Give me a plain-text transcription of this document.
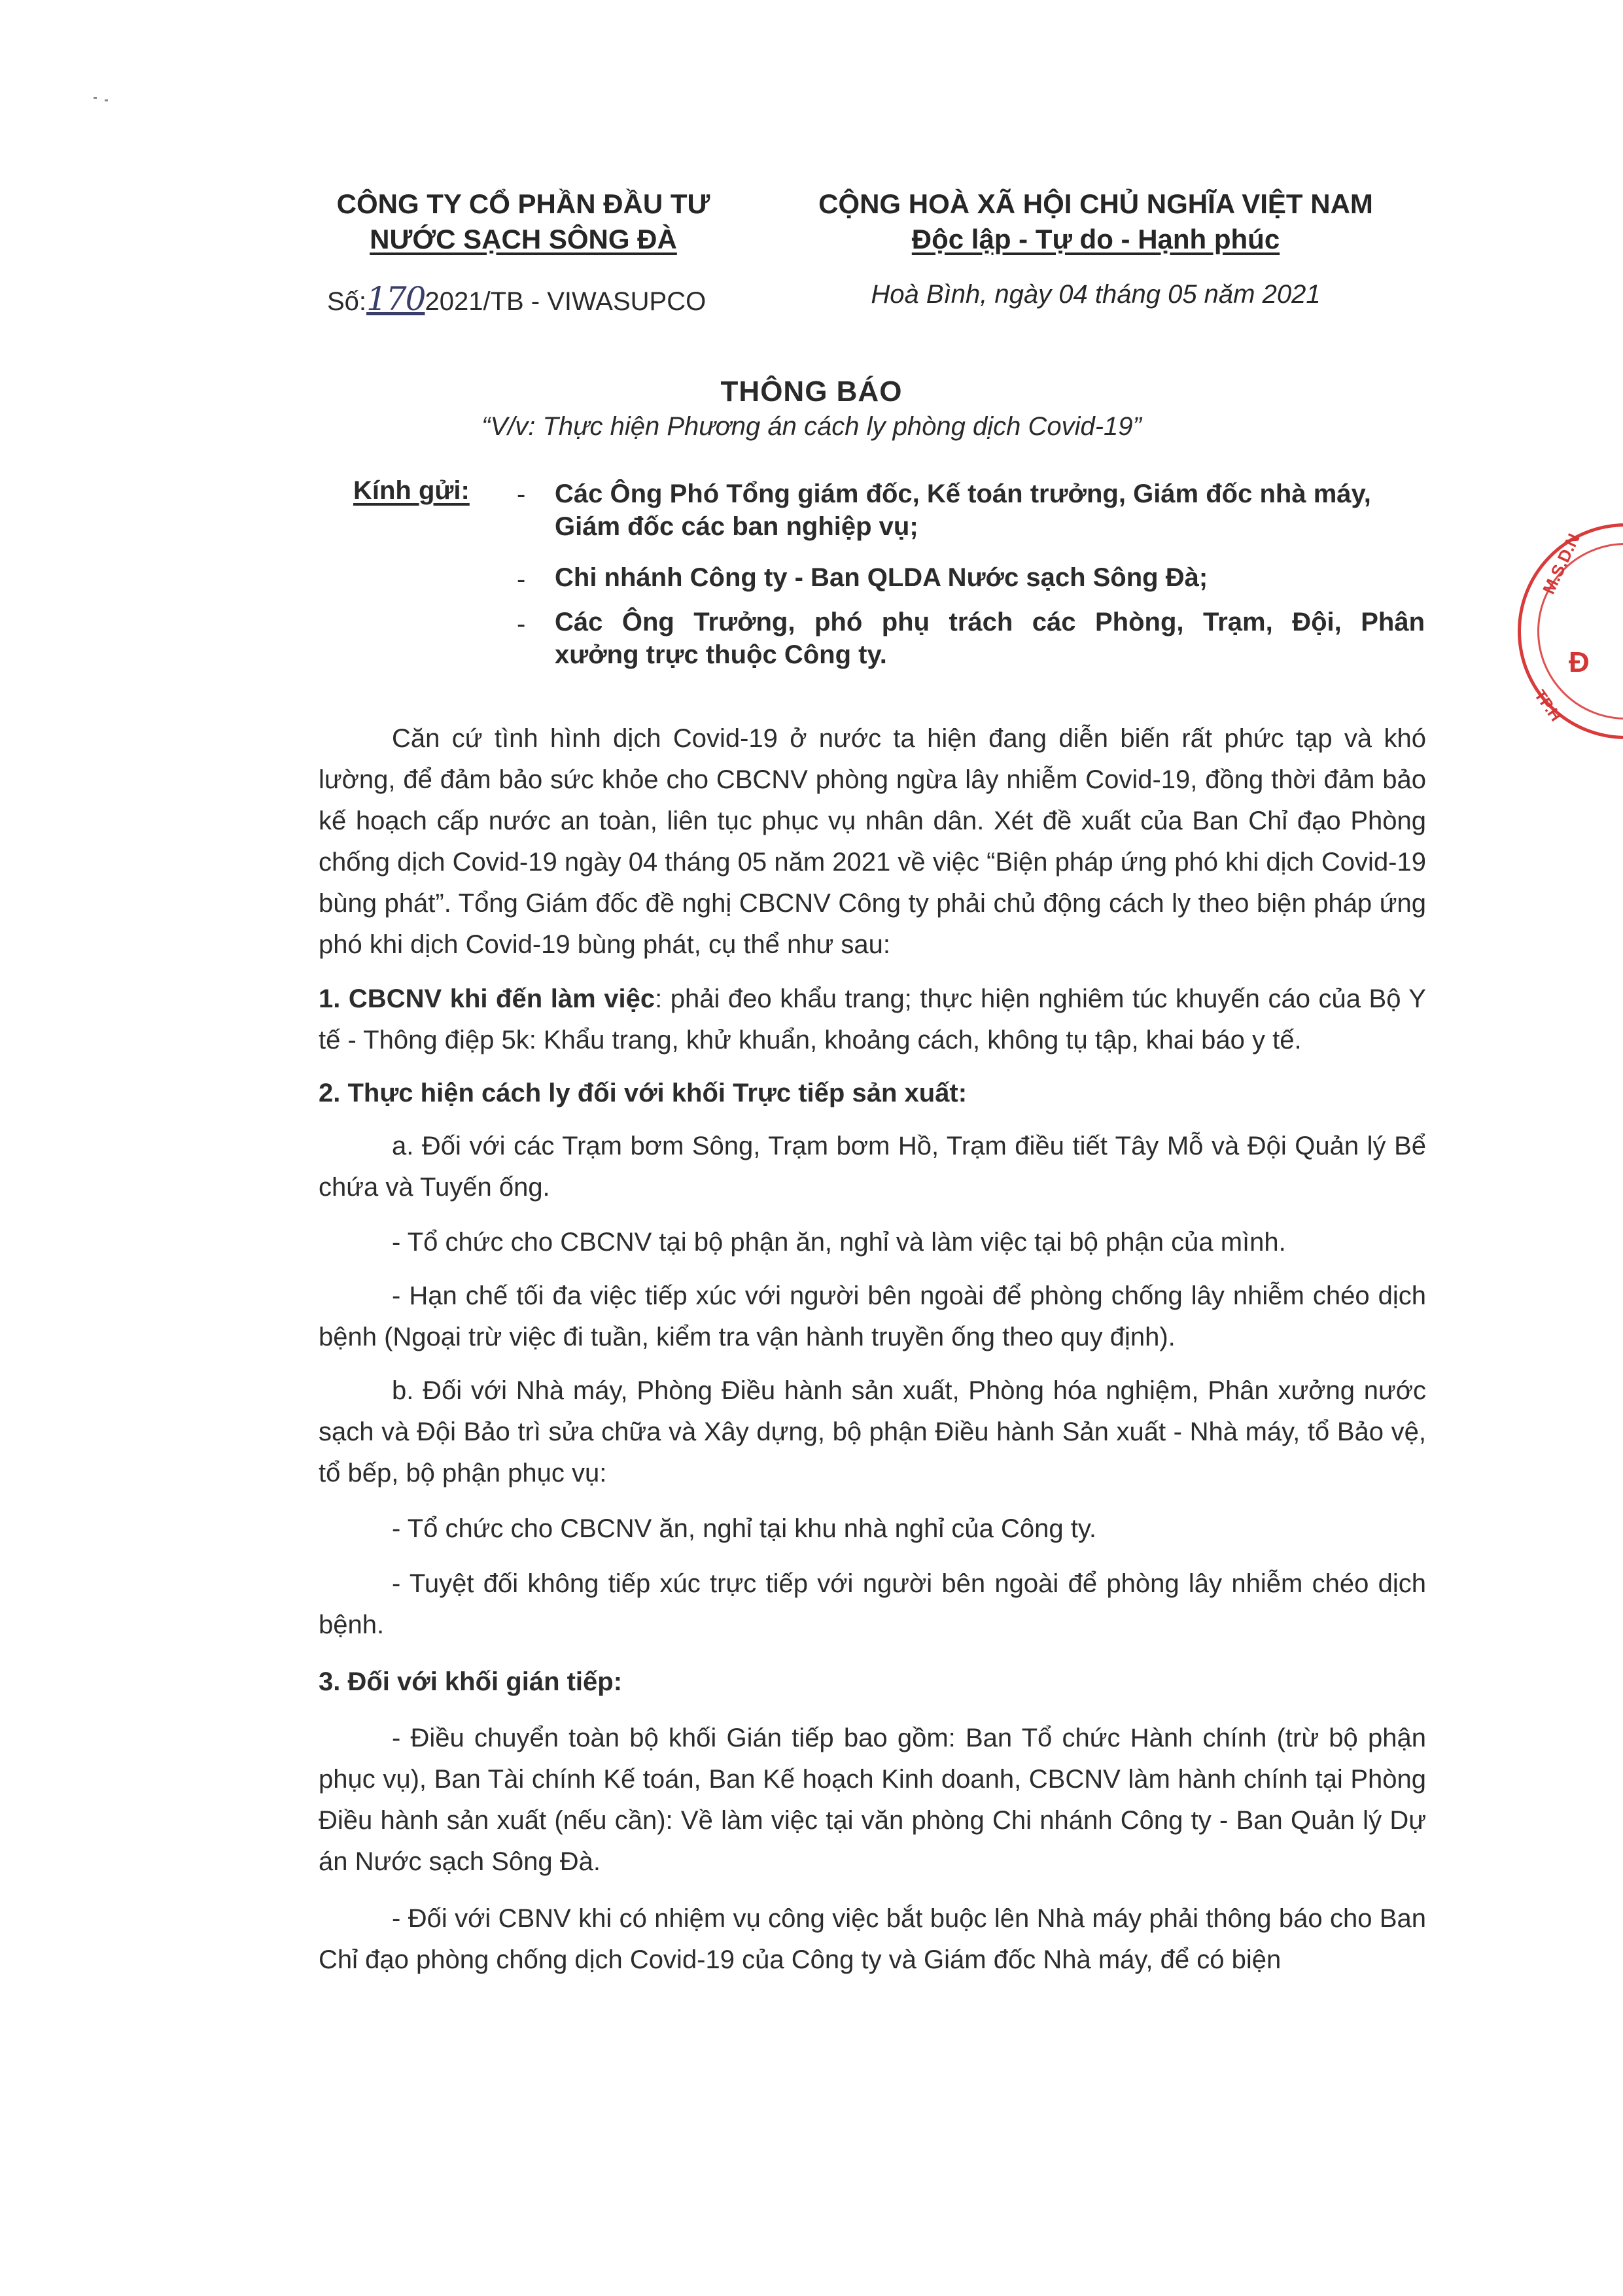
CÔNG TY CỔ PHẦN ĐẦU TƯ
NƯỚC SẠCH SÔNG ĐÀ
Số:1702021/TB - VIWASUPCO
CỘNG HOÀ XÃ HỘI CHỦ NGHĨA VIỆT NAM
Độc lập - Tự do - Hạnh phúc
Hoà Bình, ngày 04 tháng 05 năm 2021
THÔNG BÁO
“V/v: Thực hiện Phương án cách ly phòng dịch Covid-19”
Kính gửi: - Các Ông Phó Tổng giám đốc, Kế toán trưởng, Giám đốc nhà máy,
Giám đốc các ban nghiệp vụ;
- Chi nhánh Công ty - Ban QLDA Nước sạch Sông Đà;
- Các Ông Trưởng, phó phụ trách các Phòng, Trạm, Đội, Phân
xưởng trực thuộc Công ty.
Căn cứ tình hình dịch Covid-19 ở nước ta hiện đang diễn biến rất phức tạp và khó lường, để đảm bảo sức khỏe cho CBCNV phòng ngừa lây nhiễm Covid-19, đồng thời đảm bảo kế hoạch cấp nước an toàn, liên tục phục vụ nhân dân. Xét đề xuất của Ban Chỉ đạo Phòng chống dịch Covid-19 ngày 04 tháng 05 năm 2021 về việc “Biện pháp ứng phó khi dịch Covid-19 bùng phát”. Tổng Giám đốc đề nghị CBCNV Công ty phải chủ động cách ly theo biện pháp ứng phó khi dịch Covid-19 bùng phát, cụ thể như sau:
1. CBCNV khi đến làm việc: phải đeo khẩu trang; thực hiện nghiêm túc khuyến cáo của Bộ Y tế - Thông điệp 5k: Khẩu trang, khử khuẩn, khoảng cách, không tụ tập, khai báo y tế.
2. Thực hiện cách ly đối với khối Trực tiếp sản xuất:
a. Đối với các Trạm bơm Sông, Trạm bơm Hồ, Trạm điều tiết Tây Mỗ và Đội Quản lý Bể chứa và Tuyến ống.
- Tổ chức cho CBCNV tại bộ phận ăn, nghỉ và làm việc tại bộ phận của mình.
- Hạn chế tối đa việc tiếp xúc với người bên ngoài để phòng chống lây nhiễm chéo dịch bệnh (Ngoại trừ việc đi tuần, kiểm tra vận hành truyền ống theo quy định).
b. Đối với Nhà máy, Phòng Điều hành sản xuất, Phòng hóa nghiệm, Phân xưởng nước sạch và Đội Bảo trì sửa chữa và Xây dựng, bộ phận Điều hành Sản xuất - Nhà máy, tổ Bảo vệ, tổ bếp, bộ phận phục vụ:
- Tổ chức cho CBCNV ăn, nghỉ tại khu nhà nghỉ của Công ty.
- Tuyệt đối không tiếp xúc trực tiếp với người bên ngoài để phòng lây nhiễm chéo dịch bệnh.
3. Đối với khối gián tiếp:
- Điều chuyển toàn bộ khối Gián tiếp bao gồm: Ban Tổ chức Hành chính (trừ bộ phận phục vụ), Ban Tài chính Kế toán, Ban Kế hoạch Kinh doanh, CBCNV làm hành chính tại Phòng Điều hành sản xuất (nếu cần): Về làm việc tại văn phòng Chi nhánh Công ty - Ban Quản lý Dự án Nước sạch Sông Đà.
- Đối với CBNV khi có nhiệm vụ công việc bắt buộc lên Nhà máy phải thông báo cho Ban Chỉ đạo phòng chống dịch Covid-19 của Công ty và Giám đốc Nhà máy, để có biện
M.S.D.N
Đ
TP.H
